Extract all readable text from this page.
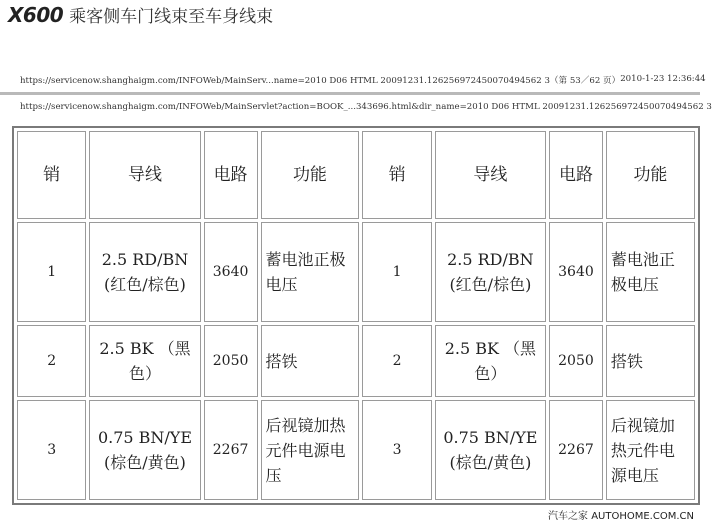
X600 乘客侧车门线束至车身线束
https://servicenow.shanghaigm.com/INFOWeb/MainServ...name=2010 D06 HTML 20091231.126256972450070494562 3（第 53／62 页） 2010-1-23 12:36:44
https://servicenow.shanghaigm.com/INFOWeb/MainServlet?action=BOOK_...343696.html&dir_name=2010 D06 HTML 20091231.126256972450070494562 3
销	导线	电路	功能	销	导线	电路	功能
1	2.5 RD/BN (红色/棕色)	3640	蓄电池正极电压	1	2.5 RD/BN (红色/棕色)	3640	蓄电池正极电压
2	2.5 BK （黑色）	2050	搭铁	2	2.5 BK （黑色）	2050	搭铁
3	0.75 BN/YE (棕色/黄色)	2267	后视镜加热元件电源电压	3	0.75 BN/YE (棕色/黄色)	2267	后视镜加热元件电源电压
汽车之家 AUTOHOME.COM.CN
